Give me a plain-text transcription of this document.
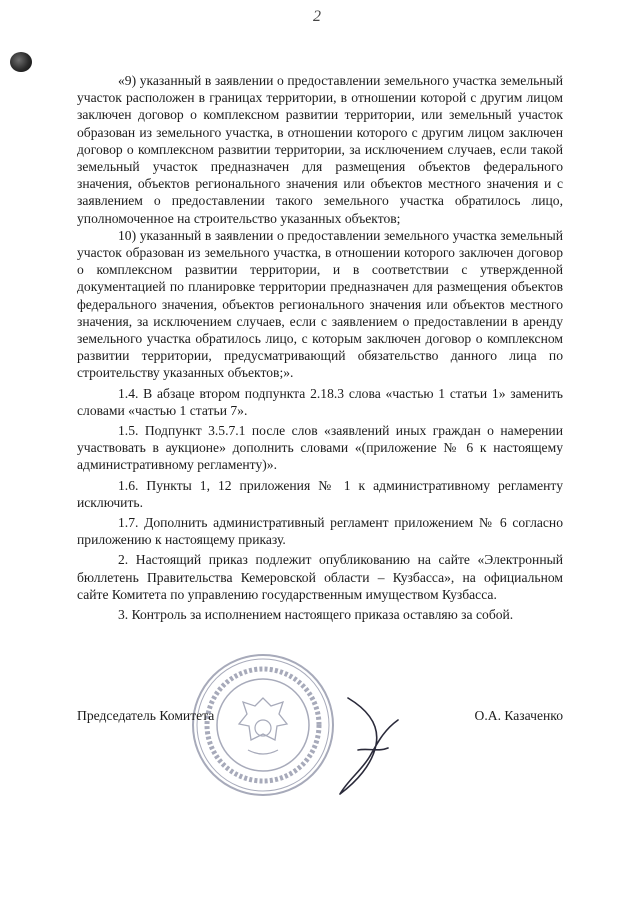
2

«9) указанный в заявлении о предоставлении земельного участка земельный участок расположен в границах территории, в отношении которой с другим лицом заключен договор о комплексном развитии территории, или земельный участок образован из земельного участка, в отношении которого с другим лицом заключен договор о комплексном развитии территории, за исключением случаев, если такой земельный участок предназначен для размещения объектов федерального значения, объектов регионального значения или объектов местного значения и с заявлением о предоставлении такого земельного участка обратилось лицо, уполномоченное на строительство указанных объектов;

10) указанный в заявлении о предоставлении земельного участка земельный участок образован из земельного участка, в отношении которого заключен договор о комплексном развитии территории, и в соответствии с утвержденной документацией по планировке территории предназначен для размещения объектов федерального значения, объектов регионального значения или объектов местного значения, за исключением случаев, если с заявлением о предоставлении в аренду земельного участка обратилось лицо, с которым заключен договор о комплексном развитии территории, предусматривающий обязательство данного лица по строительству указанных объектов;».

1.4. В абзаце втором подпункта 2.18.3 слова «частью 1 статьи 1» заменить словами «частью 1 статьи 7».

1.5. Подпункт 3.5.7.1 после слов «заявлений иных граждан о намерении участвовать в аукционе» дополнить словами «(приложение № 6 к настоящему административному регламенту)».

1.6. Пункты 1, 12 приложения № 1 к административному регламенту исключить.

1.7. Дополнить административный регламент приложением № 6 согласно приложению к настоящему приказу.

2. Настоящий приказ подлежит опубликованию на сайте «Электронный бюллетень Правительства Кемеровской области – Кузбасса», на официальном сайте Комитета по управлению государственным имуществом Кузбасса.

3. Контроль за исполнением настоящего приказа оставляю за собой.

Председатель Комитета	О.А. Казаченко
